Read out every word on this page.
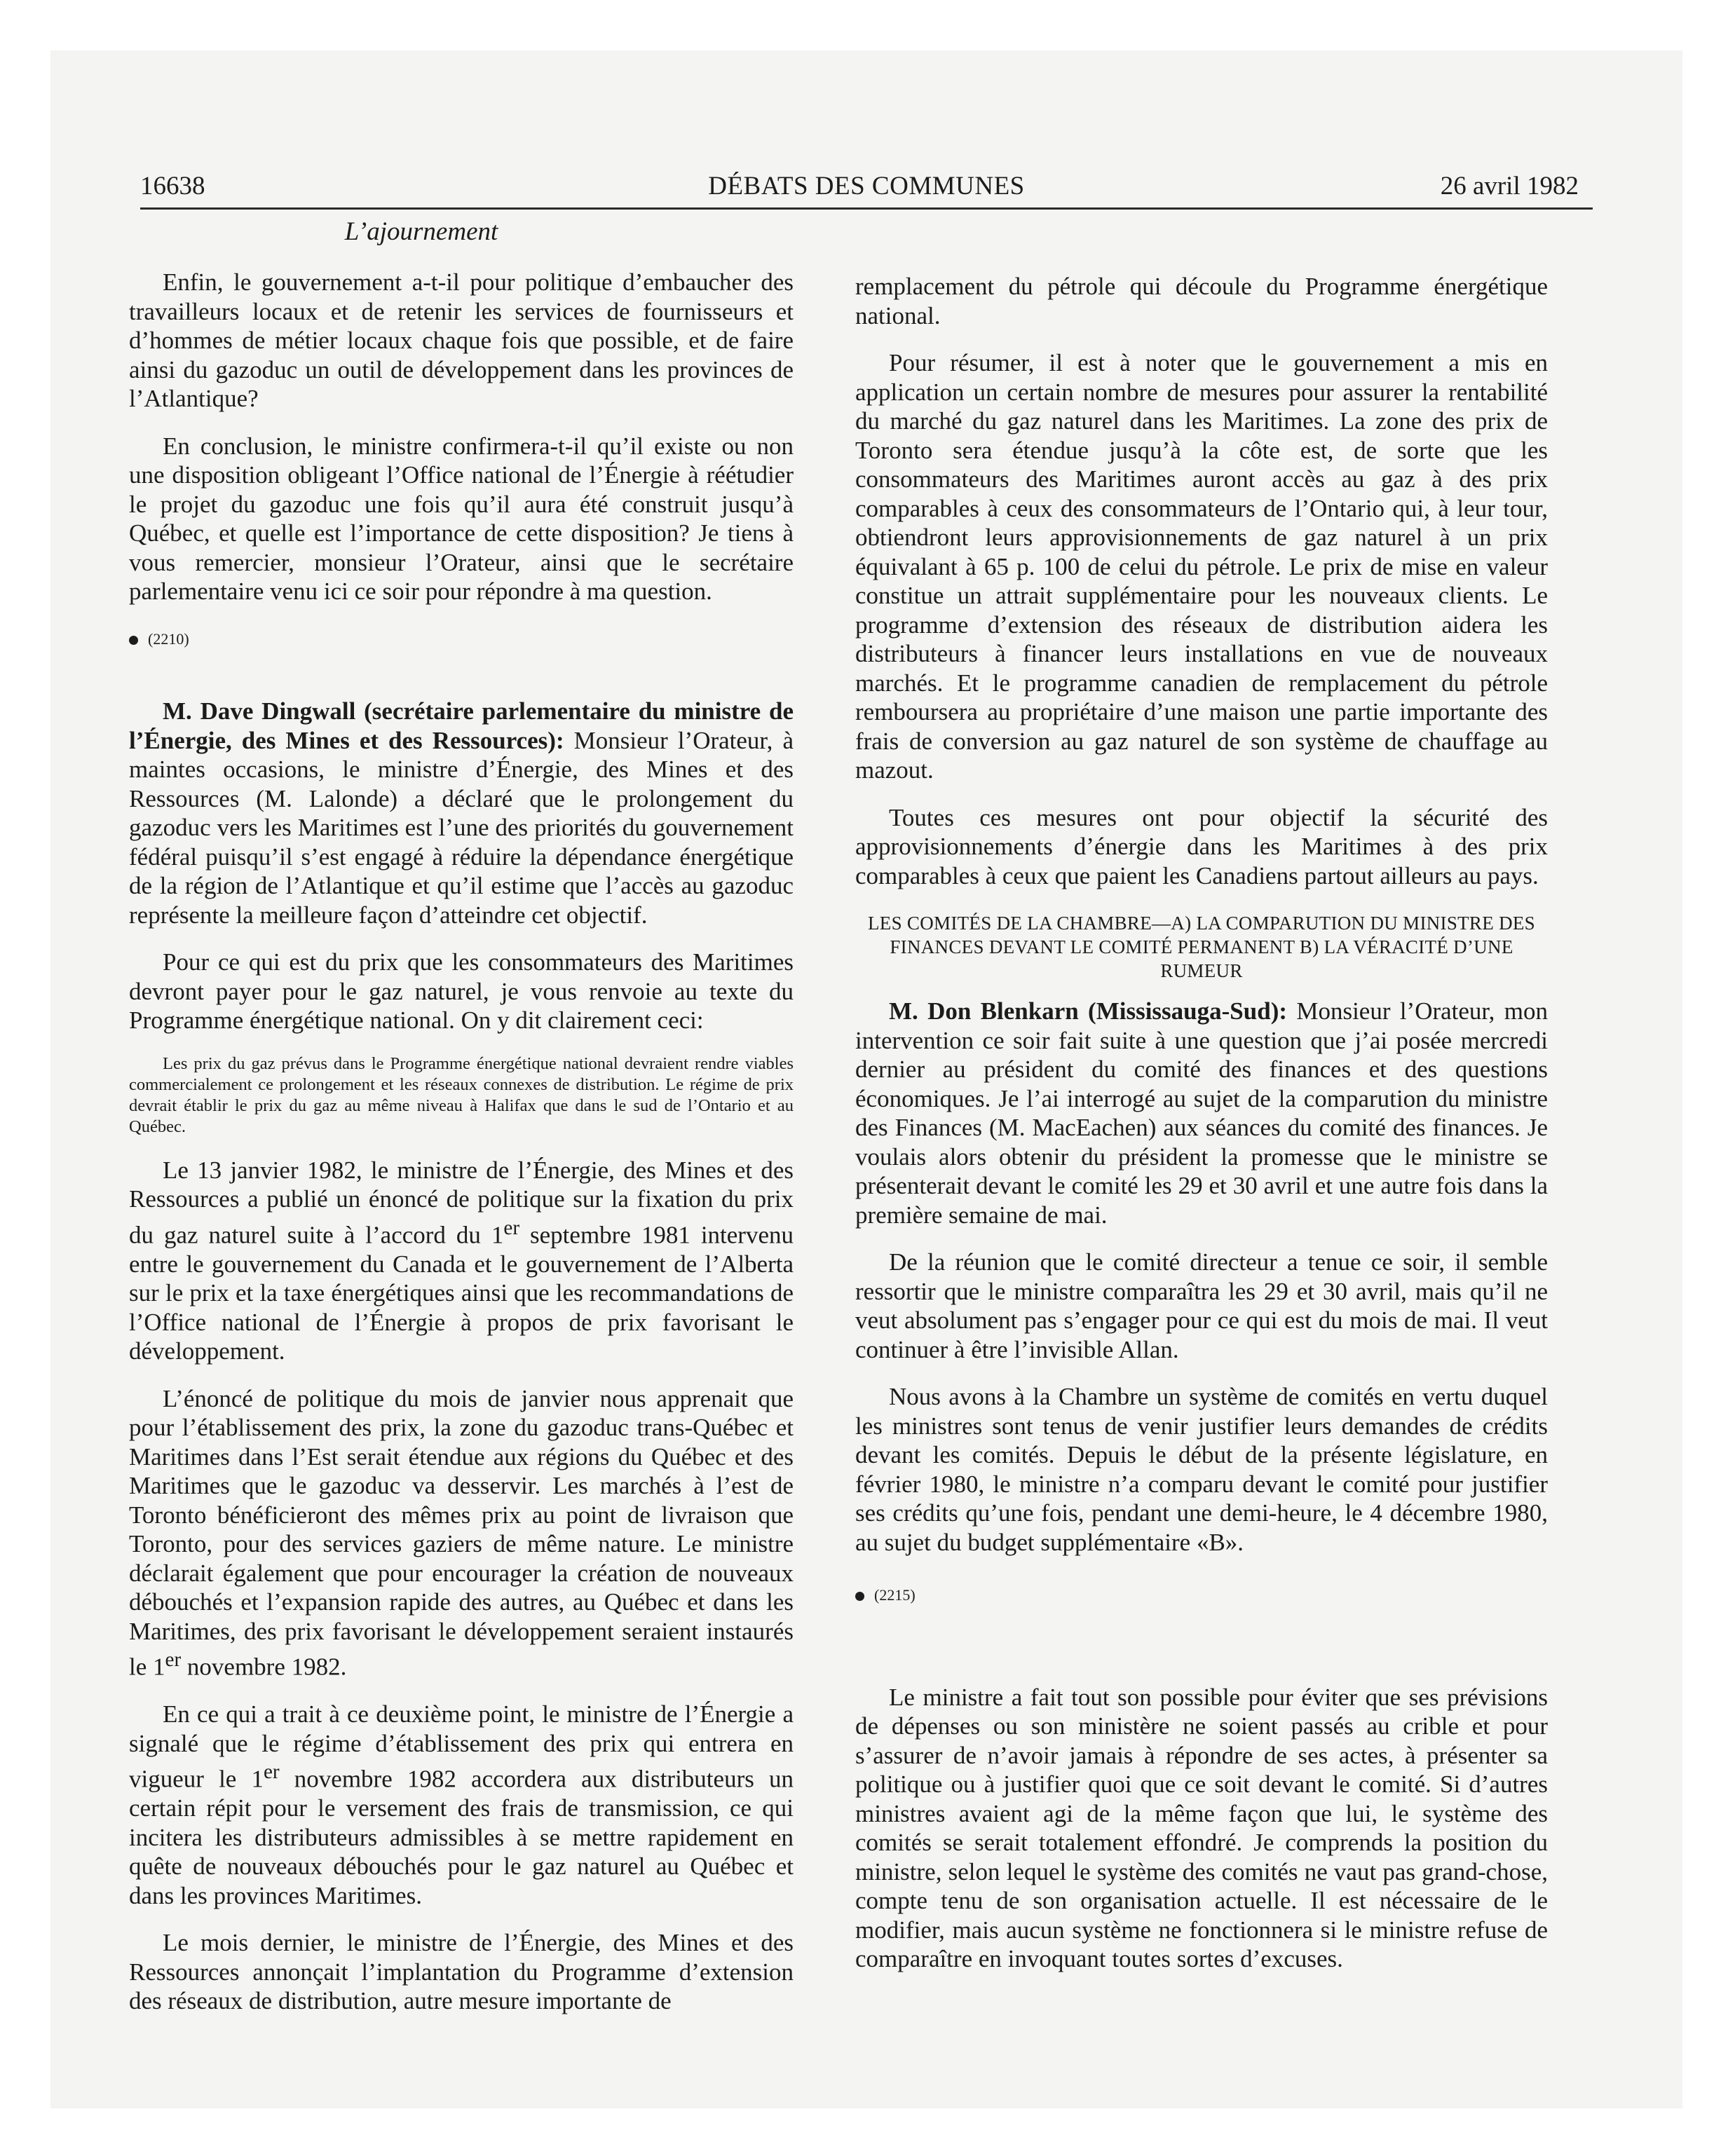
16638	DÉBATS DES COMMUNES	26 avril 1982
L’ajournement

Enfin, le gouvernement a-t-il pour politique d’embaucher des travailleurs locaux et de retenir les services de fournisseurs et d’hommes de métier locaux chaque fois que possible, et de faire ainsi du gazoduc un outil de développement dans les provinces de l’Atlantique?

En conclusion, le ministre confirmera-t-il qu’il existe ou non une disposition obligeant l’Office national de l’Énergie à réétudier le projet du gazoduc une fois qu’il aura été construit jusqu’à Québec, et quelle est l’importance de cette disposition? Je tiens à vous remercier, monsieur l’Orateur, ainsi que le secrétaire parlementaire venu ici ce soir pour répondre à ma question.

(2210)

M. Dave Dingwall (secrétaire parlementaire du ministre de l’Énergie, des Mines et des Ressources): Monsieur l’Orateur, à maintes occasions, le ministre d’Énergie, des Mines et des Ressources (M. Lalonde) a déclaré que le prolongement du gazoduc vers les Maritimes est l’une des priorités du gouvernement fédéral puisqu’il s’est engagé à réduire la dépendance énergétique de la région de l’Atlantique et qu’il estime que l’accès au gazoduc représente la meilleure façon d’atteindre cet objectif.

Pour ce qui est du prix que les consommateurs des Maritimes devront payer pour le gaz naturel, je vous renvoie au texte du Programme énergétique national. On y dit clairement ceci:

Les prix du gaz prévus dans le Programme énergétique national devraient rendre viables commercialement ce prolongement et les réseaux connexes de distribution. Le régime de prix devrait établir le prix du gaz au même niveau à Halifax que dans le sud de l’Ontario et au Québec.

Le 13 janvier 1982, le ministre de l’Énergie, des Mines et des Ressources a publié un énoncé de politique sur la fixation du prix du gaz naturel suite à l’accord du 1er septembre 1981 intervenu entre le gouvernement du Canada et le gouvernement de l’Alberta sur le prix et la taxe énergétiques ainsi que les recommandations de l’Office national de l’Énergie à propos de prix favorisant le développement.

L’énoncé de politique du mois de janvier nous apprenait que pour l’établissement des prix, la zone du gazoduc trans-Québec et Maritimes dans l’Est serait étendue aux régions du Québec et des Maritimes que le gazoduc va desservir. Les marchés à l’est de Toronto bénéficieront des mêmes prix au point de livraison que Toronto, pour des services gaziers de même nature. Le ministre déclarait également que pour encourager la création de nouveaux débouchés et l’expansion rapide des autres, au Québec et dans les Maritimes, des prix favorisant le développement seraient instaurés le 1er novembre 1982.

En ce qui a trait à ce deuxième point, le ministre de l’Énergie a signalé que le régime d’établissement des prix qui entrera en vigueur le 1er novembre 1982 accordera aux distributeurs un certain répit pour le versement des frais de transmission, ce qui incitera les distributeurs admissibles à se mettre rapidement en quête de nouveaux débouchés pour le gaz naturel au Québec et dans les provinces Maritimes.

Le mois dernier, le ministre de l’Énergie, des Mines et des Ressources annonçait l’implantation du Programme d’extension des réseaux de distribution, autre mesure importante de

remplacement du pétrole qui découle du Programme énergétique national.

Pour résumer, il est à noter que le gouvernement a mis en application un certain nombre de mesures pour assurer la rentabilité du marché du gaz naturel dans les Maritimes. La zone des prix de Toronto sera étendue jusqu’à la côte est, de sorte que les consommateurs des Maritimes auront accès au gaz à des prix comparables à ceux des consommateurs de l’Ontario qui, à leur tour, obtiendront leurs approvisionnements de gaz naturel à un prix équivalant à 65 p. 100 de celui du pétrole. Le prix de mise en valeur constitue un attrait supplémentaire pour les nouveaux clients. Le programme d’extension des réseaux de distribution aidera les distributeurs à financer leurs installations en vue de nouveaux marchés. Et le programme canadien de remplacement du pétrole remboursera au propriétaire d’une maison une partie importante des frais de conversion au gaz naturel de son système de chauffage au mazout.

Toutes ces mesures ont pour objectif la sécurité des approvisionnements d’énergie dans les Maritimes à des prix comparables à ceux que paient les Canadiens partout ailleurs au pays.

LES COMITÉS DE LA CHAMBRE—A) LA COMPARUTION DU MINISTRE DES FINANCES DEVANT LE COMITÉ PERMANENT B) LA VÉRACITÉ D’UNE RUMEUR

M. Don Blenkarn (Mississauga-Sud): Monsieur l’Orateur, mon intervention ce soir fait suite à une question que j’ai posée mercredi dernier au président du comité des finances et des questions économiques. Je l’ai interrogé au sujet de la comparution du ministre des Finances (M. MacEachen) aux séances du comité des finances. Je voulais alors obtenir du président la promesse que le ministre se présenterait devant le comité les 29 et 30 avril et une autre fois dans la première semaine de mai.

De la réunion que le comité directeur a tenue ce soir, il semble ressortir que le ministre comparaîtra les 29 et 30 avril, mais qu’il ne veut absolument pas s’engager pour ce qui est du mois de mai. Il veut continuer à être l’invisible Allan.

Nous avons à la Chambre un système de comités en vertu duquel les ministres sont tenus de venir justifier leurs demandes de crédits devant les comités. Depuis le début de la présente législature, en février 1980, le ministre n’a comparu devant le comité pour justifier ses crédits qu’une fois, pendant une demi-heure, le 4 décembre 1980, au sujet du budget supplémentaire «B».

(2215)

Le ministre a fait tout son possible pour éviter que ses prévisions de dépenses ou son ministère ne soient passés au crible et pour s’assurer de n’avoir jamais à répondre de ses actes, à présenter sa politique ou à justifier quoi que ce soit devant le comité. Si d’autres ministres avaient agi de la même façon que lui, le système des comités se serait totalement effondré. Je comprends la position du ministre, selon lequel le système des comités ne vaut pas grand-chose, compte tenu de son organisation actuelle. Il est nécessaire de le modifier, mais aucun système ne fonctionnera si le ministre refuse de comparaître en invoquant toutes sortes d’excuses.
